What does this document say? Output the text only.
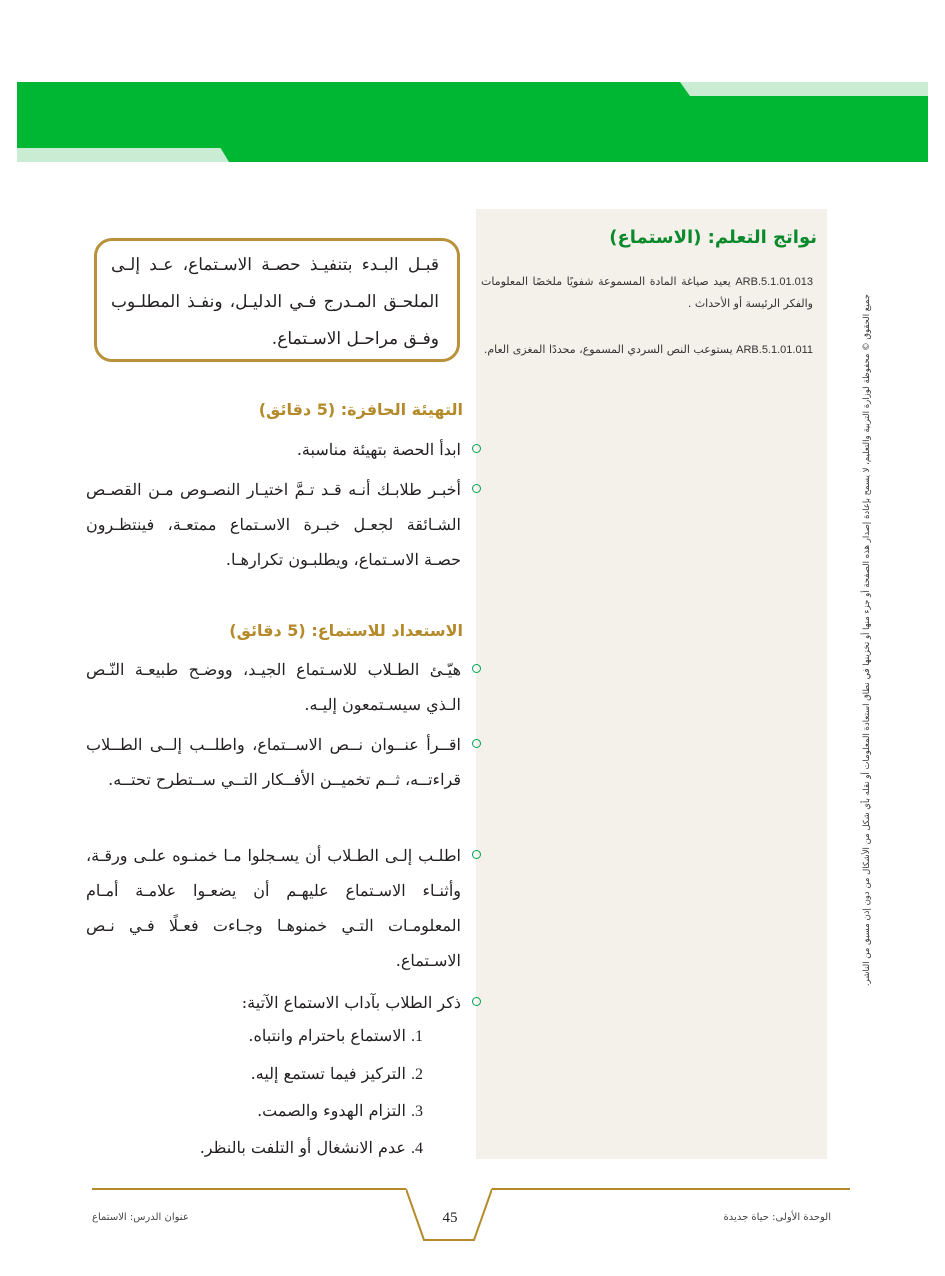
نواتج التعلم: (الاستماع)
ARB.5.1.01.013 يعيد صياغة المادة المسموعة شفويًا ملخصًا المعلومات والفكر الرئيسة أو الأحداث .
ARB.5.1.01.011 يستوعب النص السردي المسموع، محددًا المغزى العام.	جميع الحقوق © محفوظة لوزارة التربية والتعليم، لا يسمح بإعادة إصدار هذه الصفحة أو جزء منها أو تخزينها في نطاق استعادة المعلومات أو نقله بأي شكل من الأشكال من دون إذن مسبق من الناشر.
قبـل البـدء بتنفيـذ حصـة الاسـتماع، عـد إلـى الملحـق المـدرج فـي الدليـل، ونفـذ المطلـوب وفـق مراحـل الاسـتماع.
التهيئة الحافزة: (5 دقائق)
ابدأ الحصة بتهيئة مناسبة.
أخبـر طلابـك أنـه قـد تـمَّ اختيـار النصـوص مـن القصـص الشـائقة لجعـل خبـرة الاسـتماع ممتعـة، فينتظـرون حصـة الاسـتماع، ويطلبـون تكرارهـا.
الاستعداد للاستماع: (5 دقائق)
هيّـئ الطـلاب للاسـتماع الجيـد، ووضـح طبيعـة النّـص الـذي سيسـتمعون إليـه.
اقــرأ عنــوان نــص الاســتماع، واطلــب إلــى الطــلاب قراءتــه، ثــم تخميــن الأفــكار التــي ســتطرح تحتــه.
اطلـب إلـى الطـلاب أن يسـجلوا مـا خمنـوه علـى ورقـة، وأثنـاء الاسـتماع عليهـم أن يضعـوا علامـة أمـام المعلومـات التـي خمنوهـا وجـاءت فعـلًا فـي نـص الاسـتماع.
ذكر الطلاب بآداب الاستماع الآتية:
1. الاستماع باحترام وانتباه.
2. التركيز فيما تستمع إليه.
3. التزام الهدوء والصمت.
4. عدم الانشغال أو التلفت بالنظر.
45	الوحدة الأولى: حياة جديدة
عنوان الدرس: الاستماع
